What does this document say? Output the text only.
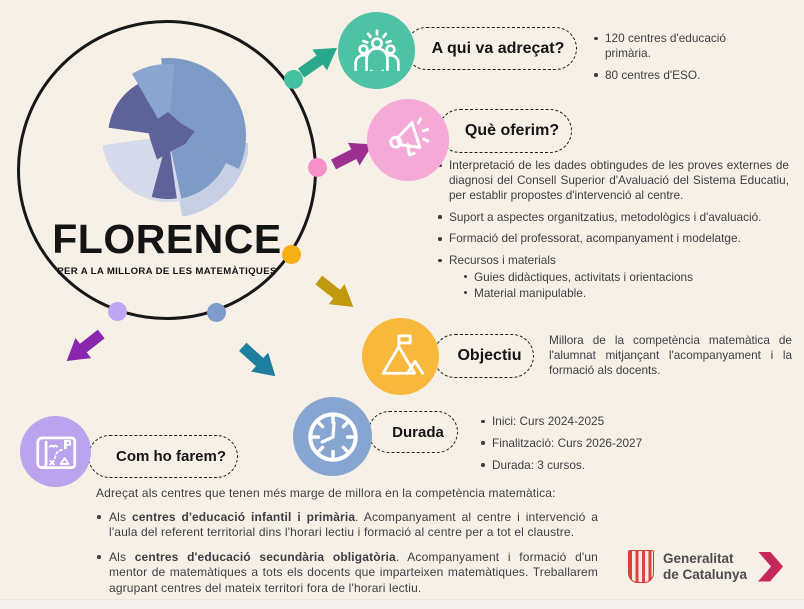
FLORENCE
PER A LA MILLORA DE LES MATEMÀTIQUES
A qui va adreçat?
Què oferim?
Objectiu
Durada
Com ho farem?
120 centres d'educació primària.
80 centres d'ESO.
Interpretació de les dades obtingudes de les proves externes de diagnosi del Consell Superior d'Avaluació del Sistema Educatiu, per establir propostes d'intervenció al centre.
Suport a aspectes organitzatius, metodològics i d'avaluació.
Formació del professorat, acompanyament i modelatge.
Recursos i materials
Guies didàctiques, activitats i orientacions
Material manipulable.
Millora de la competència matemàtica de l'alumnat mitjançant l'acompanyament i la formació als docents.
Inici: Curs 2024-2025
Finalització: Curs 2026-2027
Durada: 3 cursos.
Adreçat als centres que tenen més marge de millora en la competència matemàtica:
Als centres d'educació infantil i primària. Acompanyament al centre i intervenció a l'aula del referent territorial dins l'horari lectiu i formació al centre per a tot el claustre.
Als centres d'educació secundària obligatòria. Acompanyament i formació d'un mentor de matemàtiques a tots els docents que imparteixen matemàtiques. Treballarem agrupant centres del mateix territori fora de l'horari lectiu.
Generalitat
de Catalunya
